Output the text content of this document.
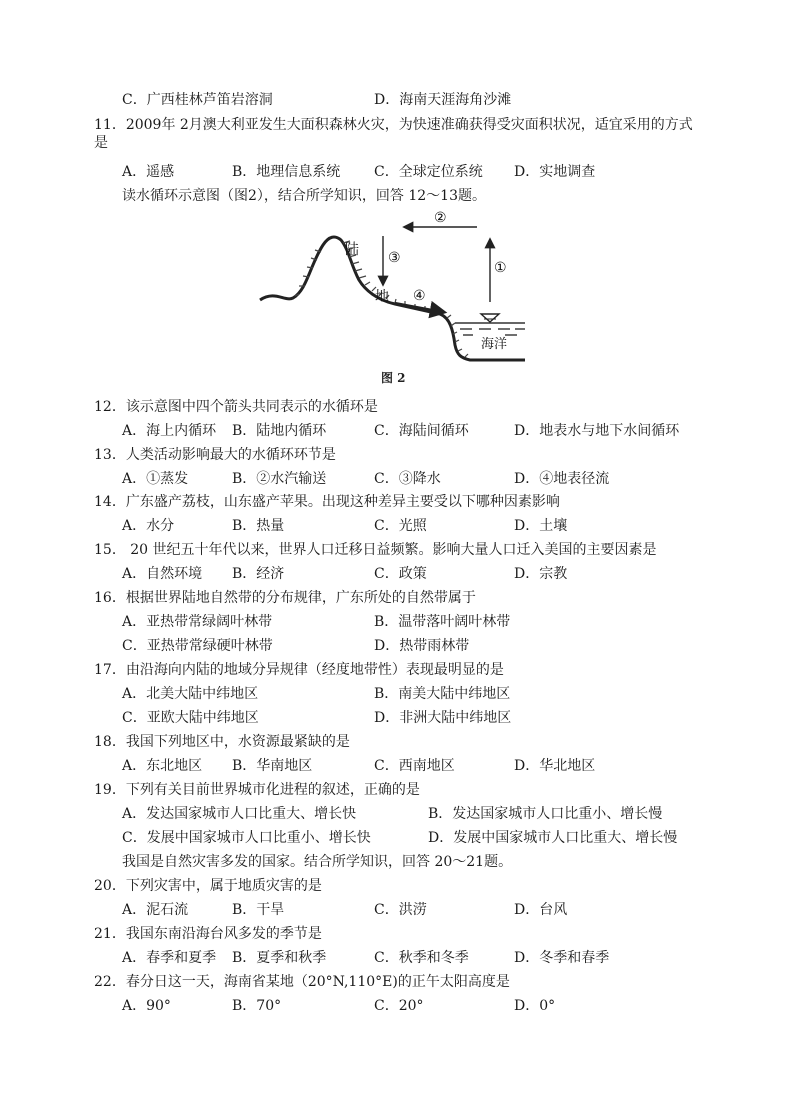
C．广西桂林芦笛岩溶洞	D．海南天涯海角沙滩
11．2009年 2月澳大利亚发生大面积森林火灾，为快速准确获得受灾面积状况，适宜采用的方式是
A．遥感	B．地理信息系统 C．全球定位系统 D．实地调查
读水循环示意图（图2），结合所学知识，回答 12～13题。
陆
地
海洋
①
②
③
④
图 2
12．该示意图中四个箭头共同表示的水循环是
A．海上内循环 B．陆地内循环	C．海陆间循环	D．地表水与地下水间循环
13．人类活动影响最大的水循环环节是
A．①蒸发	B．②水汽输送	C．③降水	D．④地表径流
14．广东盛产荔枝，山东盛产苹果。出现这种差异主要受以下哪种因素影响
A．水分	B．热量	C．光照	D．土壤
15． 20 世纪五十年代以来，世界人口迁移日益频繁。影响大量人口迁入美国的主要因素是
A．自然环境 B．经济	C．政策	D．宗教
16．根据世界陆地自然带的分布规律，广东所处的自然带属于
A．亚热带常绿阔叶林带	B．温带落叶阔叶林带
C．亚热带常绿硬叶林带	D．热带雨林带
17．由沿海向内陆的地域分异规律（经度地带性）表现最明显的是
A．北美大陆中纬地区	B．南美大陆中纬地区
C．亚欧大陆中纬地区	D．非洲大陆中纬地区
18．我国下列地区中，水资源最紧缺的是
A．东北地区 B．华南地区	C．西南地区	D．华北地区
19．下列有关目前世界城市化进程的叙述，正确的是
A．发达国家城市人口比重大、增长快	B．发达国家城市人口比重小、增长慢
C．发展中国家城市人口比重小、增长快	D．发展中国家城市人口比重大、增长慢
我国是自然灾害多发的国家。结合所学知识，回答 20～21题。
20．下列灾害中，属于地质灾害的是
A．泥石流	B．干旱	C．洪涝	D．台风
21．我国东南沿海台风多发的季节是
A．春季和夏季 B．夏季和秋季	C．秋季和冬季	D．冬季和春季
22．春分日这一天，海南省某地（20°N,110°E)的正午太阳高度是
A．90°	B．70°	C．20°	D．0°
